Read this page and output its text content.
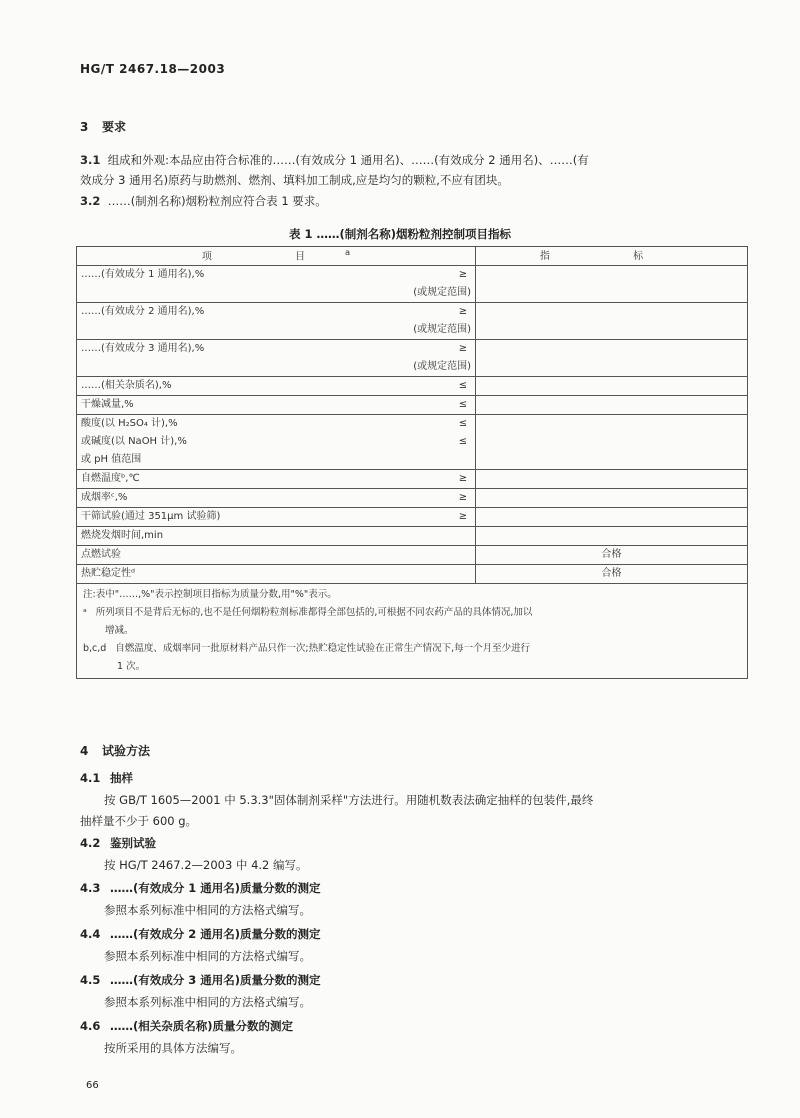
HG/T 2467.18—2003
3 要求
3.1 组成和外观:本品应由符合标准的……(有效成分 1 通用名)、……(有效成分 2 通用名)、……(有
效成分 3 通用名)原药与助燃剂、燃剂、填料加工制成,应是均匀的颗粒,不应有团块。
3.2 ……(制剂名称)烟粉粒剂应符合表 1 要求。
表 1 ……(制剂名称)烟粉粒剂控制项目指标
项 目$^a$	指 标

……(有效成分 1 通用名),% ≥
(或规定范围)	

……(有效成分 2 通用名),% ≥
(或规定范围)	

……(有效成分 3 通用名),% ≥
(或规定范围)	

……(相关杂质名),% ≤	

干燥减量,% ≤	

酸度(以 H₂SO₄ 计),% ≤
或碱度(以 NaOH 计),% ≤
或 pH 值范围	

自燃温度ᵇ,℃ ≥	

成烟率ᶜ,% ≥	

干筛试验(通过 351μm 试验筛) ≥	

燃烧发烟时间,min	

点燃试验	合格

热贮稳定性ᵈ	合格

注:表中"……,%"表示控制项目指标为质量分数,用"%"表示。
ᵃ 所列项目不是背后无标的,也不是任何烟粉粒剂标准都得全部包括的,可根据不同农药产品的具体情况,加以
增减。
b,c,d 自燃温度、成烟率同一批原材料产品只作一次;热贮稳定性试验在正常生产情况下,每一个月至少进行
1 次。	
4 试验方法
4.1 抽样
按 GB/T 1605—2001 中 5.3.3"固体制剂采样"方法进行。用随机数表法确定抽样的包装件,最终
抽样量不少于 600 g。
4.2 鉴别试验
按 HG/T 2467.2—2003 中 4.2 编写。
4.3 ……(有效成分 1 通用名)质量分数的测定
参照本系列标准中相同的方法格式编写。
4.4 ……(有效成分 2 通用名)质量分数的测定
参照本系列标准中相同的方法格式编写。
4.5 ……(有效成分 3 通用名)质量分数的测定
参照本系列标准中相同的方法格式编写。
4.6 ……(相关杂质名称)质量分数的测定
按所采用的具体方法编写。
66
